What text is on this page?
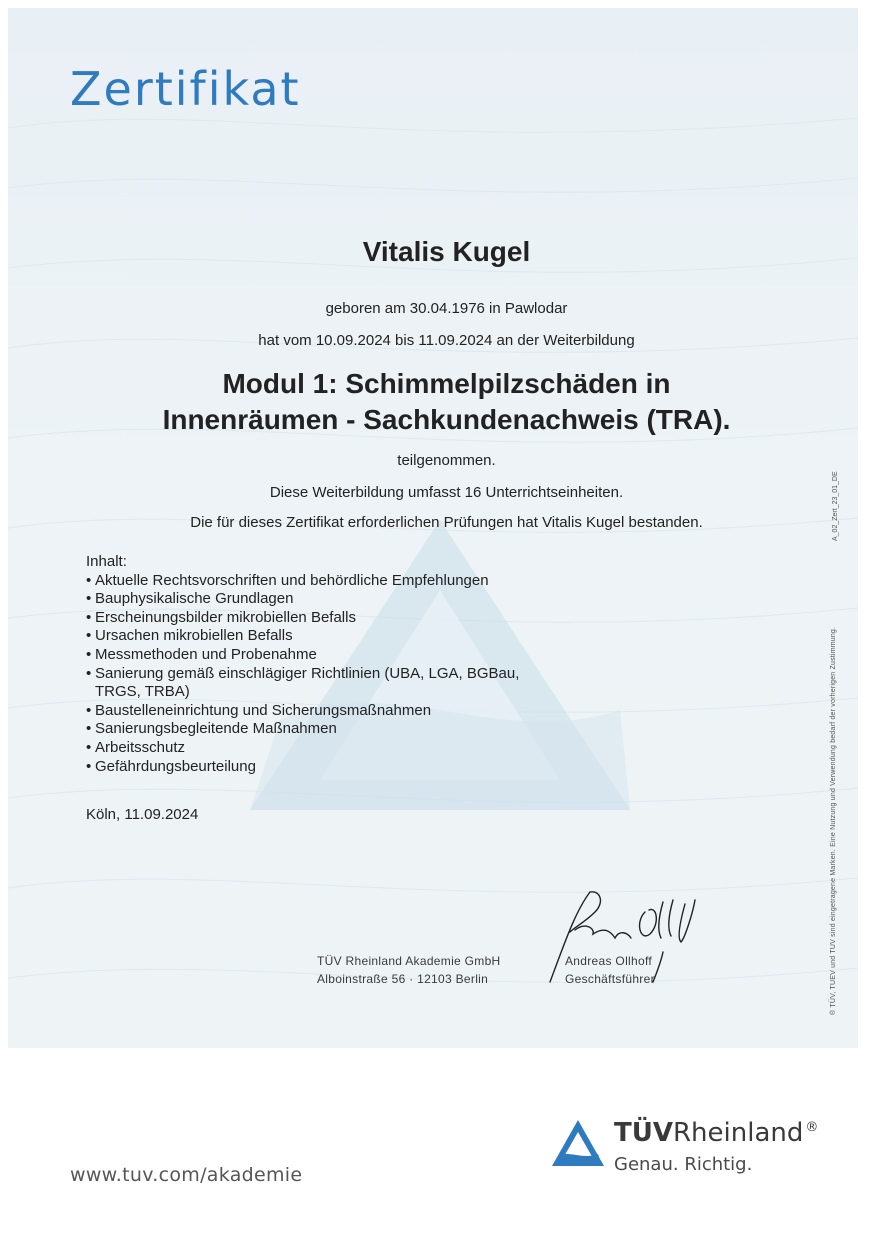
Zertifikat
Vitalis Kugel
geboren am 30.04.1976 in Pawlodar
hat vom 10.09.2024 bis 11.09.2024 an der Weiterbildung
Modul 1: Schimmelpilzschäden in
Innenräumen - Sachkundenachweis (TRA).
teilgenommen.
Diese Weiterbildung umfasst 16 Unterrichtseinheiten.
Die für dieses Zertifikat erforderlichen Prüfungen hat Vitalis Kugel bestanden.
Inhalt:
• Aktuelle Rechtsvorschriften und behördliche Empfehlungen
• Bauphysikalische Grundlagen
• Erscheinungsbilder mikrobiellen Befalls
• Ursachen mikrobiellen Befalls
• Messmethoden und Probenahme
• Sanierung gemäß einschlägiger Richtlinien (UBA, LGA, BGBau, TRGS, TRBA)
• Baustelleneinrichtung und Sicherungsmaßnahmen
• Sanierungsbegleitende Maßnahmen
• Arbeitsschutz
• Gefährdungsbeurteilung
Köln, 11.09.2024
TÜV Rheinland Akademie GmbH
Alboinstraße 56 · 12103 Berlin
Andreas Ollhoff
Geschäftsführer
A_02_Zert_23_01_DE
® TÜV, TUEV und TUV sind eingetragene Marken. Eine Nutzung und Verwendung bedarf der vorherigen Zustimmung.
www.tuv.com/akademie
TÜVRheinland ®
Genau. Richtig.
